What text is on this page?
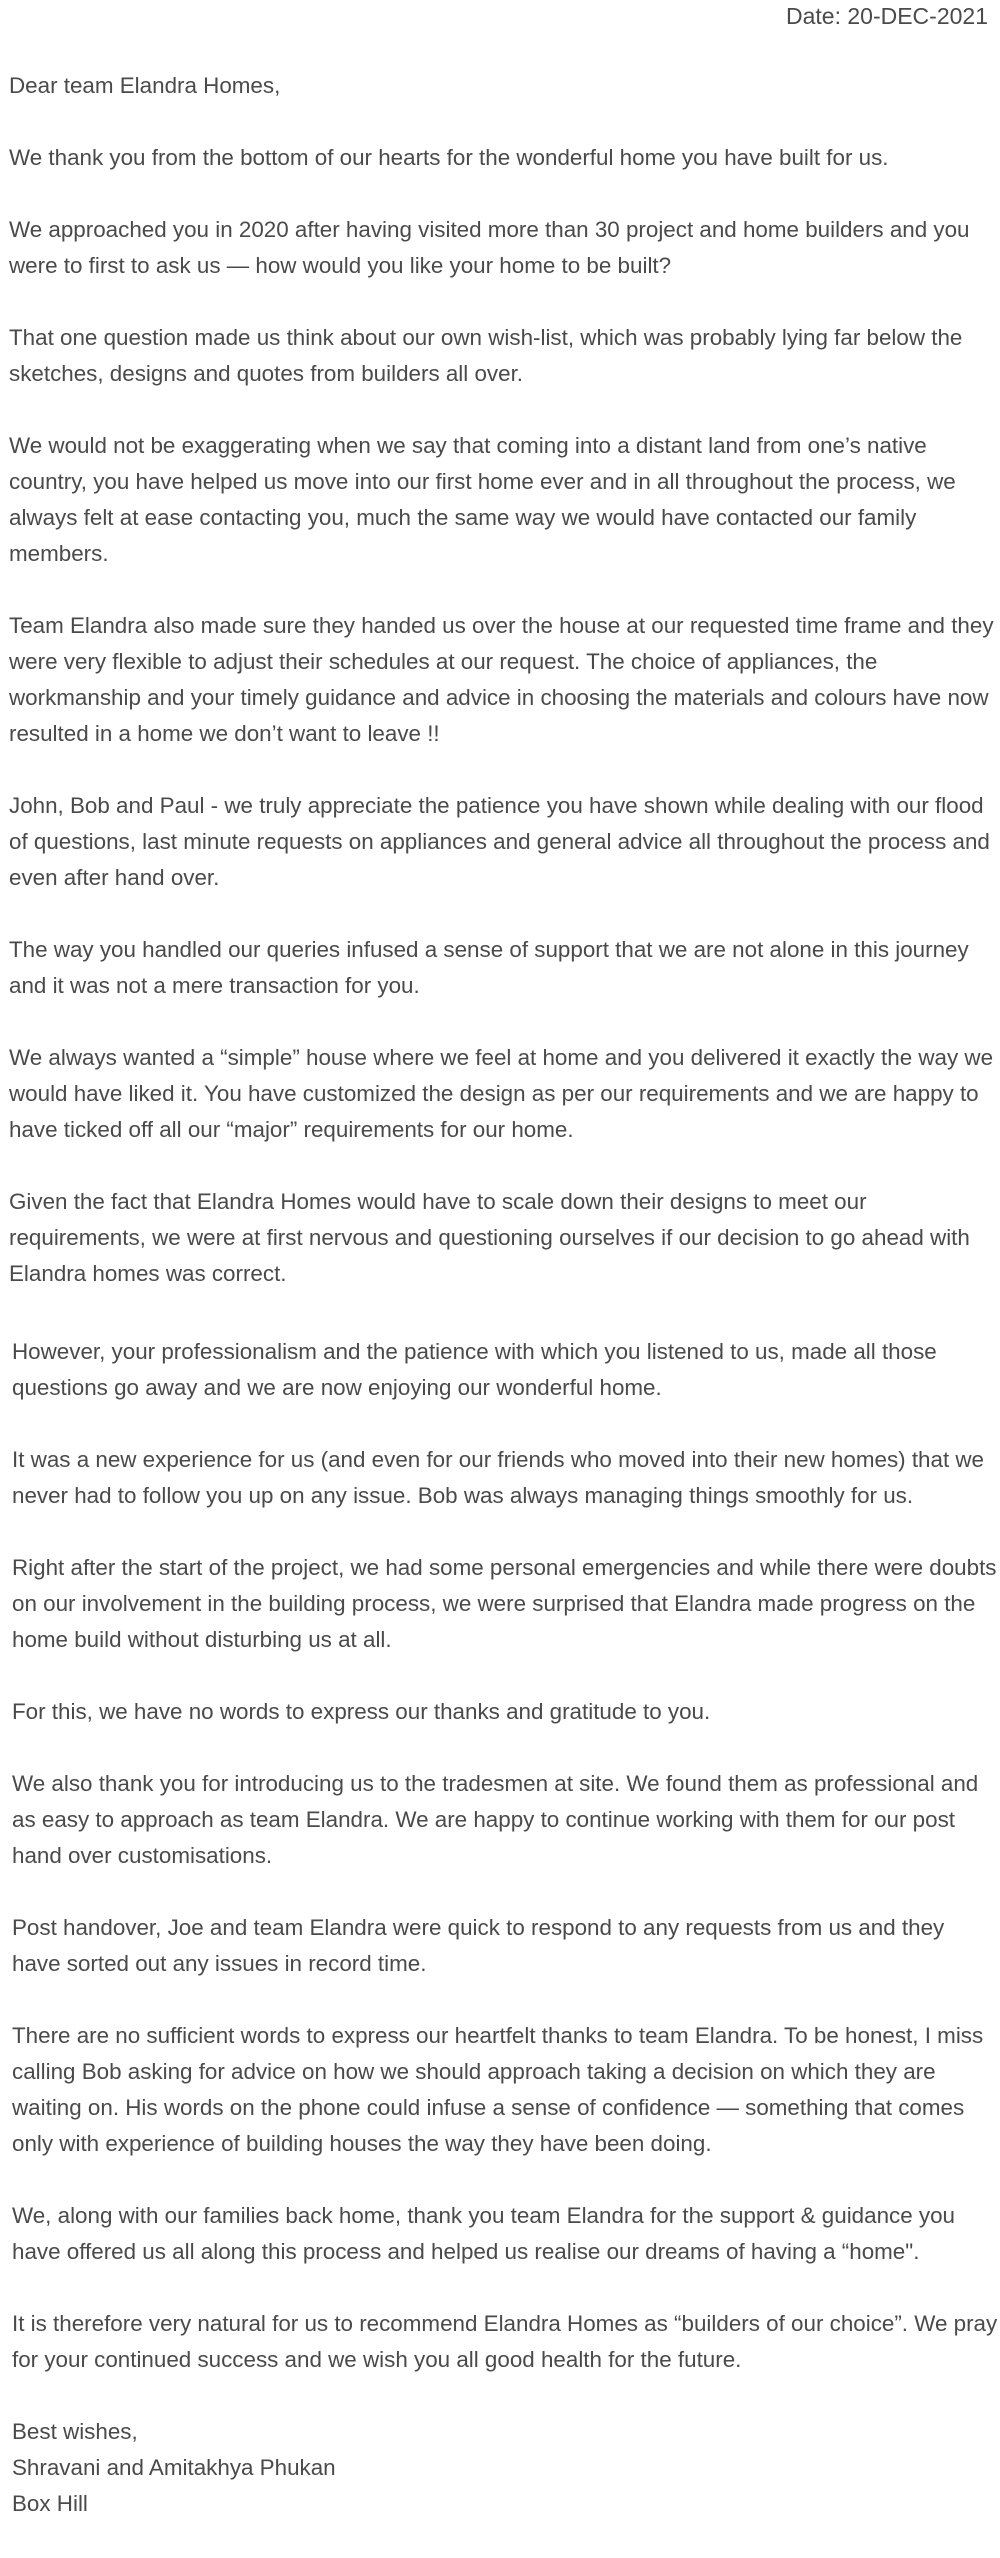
Date: 20-DEC-2021

Dear team Elandra Homes,

We thank you from the bottom of our hearts for the wonderful home you have built for us.

We approached you in 2020 after having visited more than 30 project and home builders and you were to first to ask us — how would you like your home to be built?

That one question made us think about our own wish-list, which was probably lying far below the sketches, designs and quotes from builders all over.

We would not be exaggerating when we say that coming into a distant land from one’s native country, you have helped us move into our first home ever and in all throughout the process, we always felt at ease contacting you, much the same way we would have contacted our family members.

Team Elandra also made sure they handed us over the house at our requested time frame and they were very flexible to adjust their schedules at our request. The choice of appliances, the workmanship and your timely guidance and advice in choosing the materials and colours have now resulted in a home we don’t want to leave !!

John, Bob and Paul - we truly appreciate the patience you have shown while dealing with our flood of questions, last minute requests on appliances and general advice all throughout the process and even after hand over.

The way you handled our queries infused a sense of support that we are not alone in this journey and it was not a mere transaction for you.

We always wanted a “simple” house where we feel at home and you delivered it exactly the way we would have liked it. You have customized the design as per our requirements and we are happy to have ticked off all our “major” requirements for our home.

Given the fact that Elandra Homes would have to scale down their designs to meet our requirements, we were at first nervous and questioning ourselves if our decision to go ahead with Elandra homes was correct.

However, your professionalism and the patience with which you listened to us, made all those questions go away and we are now enjoying our wonderful home.

It was a new experience for us (and even for our friends who moved into their new homes) that we never had to follow you up on any issue. Bob was always managing things smoothly for us.

Right after the start of the project, we had some personal emergencies and while there were doubts on our involvement in the building process, we were surprised that Elandra made progress on the home build without disturbing us at all.

For this, we have no words to express our thanks and gratitude to you.

We also thank you for introducing us to the tradesmen at site. We found them as professional and as easy to approach as team Elandra. We are happy to continue working with them for our post hand over customisations.

Post handover, Joe and team Elandra were quick to respond to any requests from us and they have sorted out any issues in record time.

There are no sufficient words to express our heartfelt thanks to team Elandra. To be honest, I miss calling Bob asking for advice on how we should approach taking a decision on which they are waiting on. His words on the phone could infuse a sense of confidence — something that comes only with experience of building houses the way they have been doing.

We, along with our families back home, thank you team Elandra for the support & guidance you have offered us all along this process and helped us realise our dreams of having a “home".

It is therefore very natural for us to recommend Elandra Homes as “builders of our choice”. We pray for your continued success and we wish you all good health for the future.

Best wishes,
Shravani and Amitakhya Phukan
Box Hill
